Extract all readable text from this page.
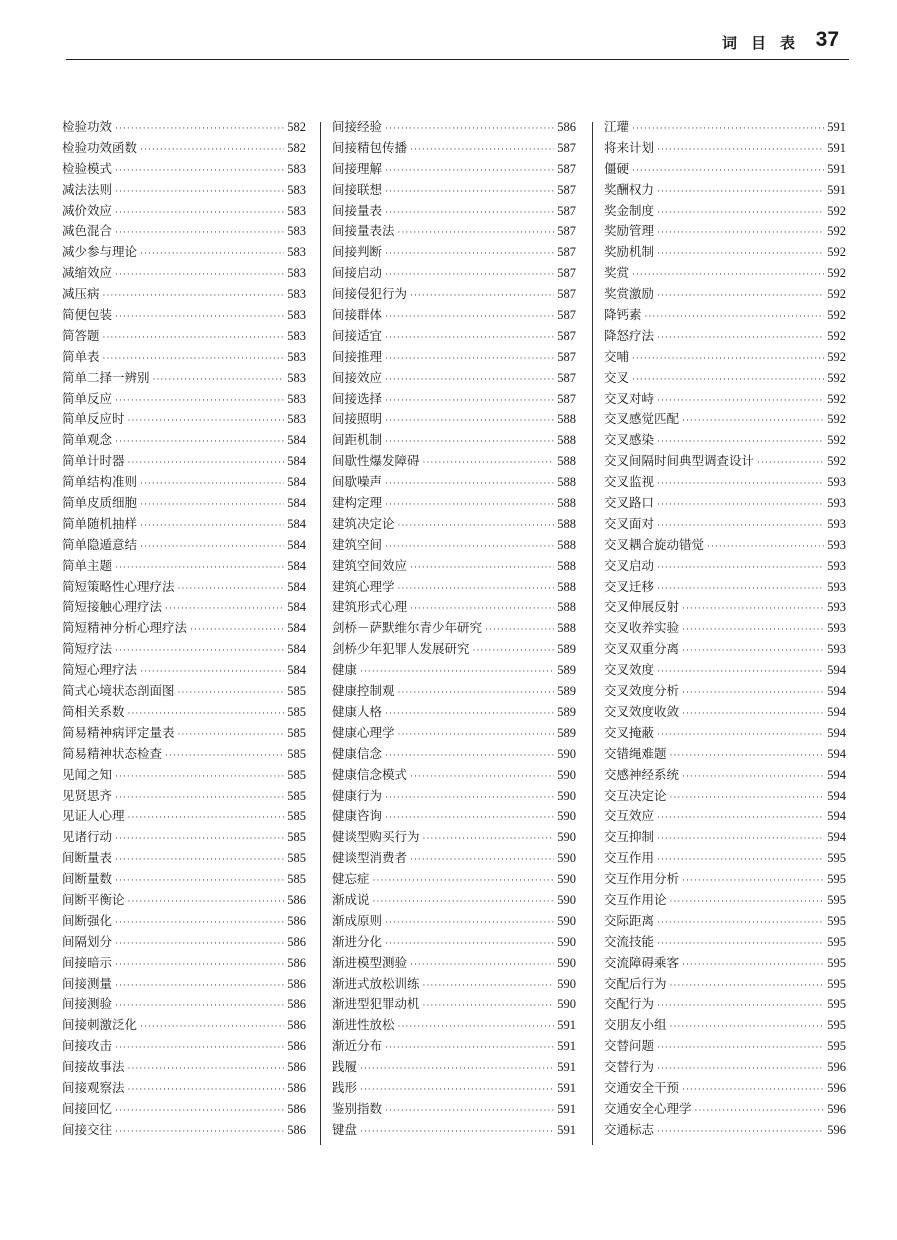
词目表 37
检验功效 ·····	582
检验功效函数 ·····	582
检验模式 ·····	583
减法法则 ·····	583
减价效应 ·····	583
减色混合 ·····	583
减少参与理论 ·····	583
减缩效应 ·····	583
减压病 ·····	583
简便包装 ·····	583
简答题 ·····	583
简单表 ·····	583
简单二择一辨别 ·····	583
简单反应 ·····	583
简单反应时 ·····	583
简单观念 ·····	584
简单计时器 ·····	584
简单结构准则 ·····	584
简单皮质细胞 ·····	584
简单随机抽样 ·····	584
简单隐遁意结 ·····	584
简单主题 ·····	584
简短策略性心理疗法 ·····	584
简短接触心理疗法 ·····	584
简短精神分析心理疗法 ·····	584
简短疗法 ·····	584
简短心理疗法 ·····	584
简式心境状态剖面图 ·····	585
简相关系数 ·····	585
简易精神病评定量表 ·····	585
简易精神状态检查 ·····	585
见闻之知 ·····	585
见贤思齐 ·····	585
见证人心理 ·····	585
见诸行动 ·····	585
间断量表 ·····	585
间断量数 ·····	585
间断平衡论 ·····	586
间断强化 ·····	586
间隔划分 ·····	586
间接暗示 ·····	586
间接测量 ·····	586
间接测验 ·····	586
间接刺激泛化 ·····	586
间接攻击 ·····	586
间接故事法 ·····	586
间接观察法 ·····	586
间接回忆 ·····	586
间接交往 ·····	586
间接经验 ·····	586
间接精包传播 ·····	587
间接理解 ·····	587
间接联想 ·····	587
间接量表 ·····	587
间接量表法 ·····	587
间接判断 ·····	587
间接启动 ·····	587
间接侵犯行为 ·····	587
间接群体 ·····	587
间接适宜 ·····	587
间接推理 ·····	587
间接效应 ·····	587
间接选择 ·····	587
间接照明 ·····	588
间距机制 ·····	588
间歇性爆发障碍 ·····	588
间歇噪声 ·····	588
建构定理 ·····	588
建筑决定论 ·····	588
建筑空间 ·····	588
建筑空间效应 ·····	588
建筑心理学 ·····	588
建筑形式心理 ·····	588
剑桥－萨默维尔青少年研究 ·····	588
剑桥少年犯罪人发展研究 ·····	589
健康 ·····	589
健康控制观 ·····	589
健康人格 ·····	589
健康心理学 ·····	589
健康信念 ·····	590
健康信念模式 ·····	590
健康行为 ·····	590
健康咨询 ·····	590
健谈型购买行为 ·····	590
健谈型消费者 ·····	590
健忘症 ·····	590
渐成说 ·····	590
渐成原则 ·····	590
渐进分化 ·····	590
渐进模型测验 ·····	590
渐进式放松训练 ·····	590
渐进型犯罪动机 ·····	590
渐进性放松 ·····	591
渐近分布 ·····	591
践履 ·····	591
践形 ·····	591
鉴别指数 ·····	591
键盘 ·····	591
江瓘 ·····	591
将来计划 ·····	591
僵硬 ·····	591
奖酬权力 ·····	591
奖金制度 ·····	592
奖励管理 ·····	592
奖励机制 ·····	592
奖赏 ·····	592
奖赏激励 ·····	592
降钙素 ·····	592
降怒疗法 ·····	592
交哺 ·····	592
交叉 ·····	592
交叉对峙 ·····	592
交叉感觉匹配 ·····	592
交叉感染 ·····	592
交叉间隔时间典型调查设计 ·····	592
交叉监视 ·····	593
交叉路口 ·····	593
交叉面对 ·····	593
交叉耦合旋动错觉 ·····	593
交叉启动 ·····	593
交叉迁移 ·····	593
交叉伸展反射 ·····	593
交叉收养实验 ·····	593
交叉双重分离 ·····	593
交叉效度 ·····	594
交叉效度分析 ·····	594
交叉效度收敛 ·····	594
交叉掩蔽 ·····	594
交错绳难题 ·····	594
交感神经系统 ·····	594
交互决定论 ·····	594
交互效应 ·····	594
交互抑制 ·····	594
交互作用 ·····	595
交互作用分析 ·····	595
交互作用论 ·····	595
交际距离 ·····	595
交流技能 ·····	595
交流障碍乘客 ·····	595
交配后行为 ·····	595
交配行为 ·····	595
交朋友小组 ·····	595
交替问题 ·····	595
交替行为 ·····	596
交通安全干预 ·····	596
交通安全心理学 ·····	596
交通标志 ·····	596
